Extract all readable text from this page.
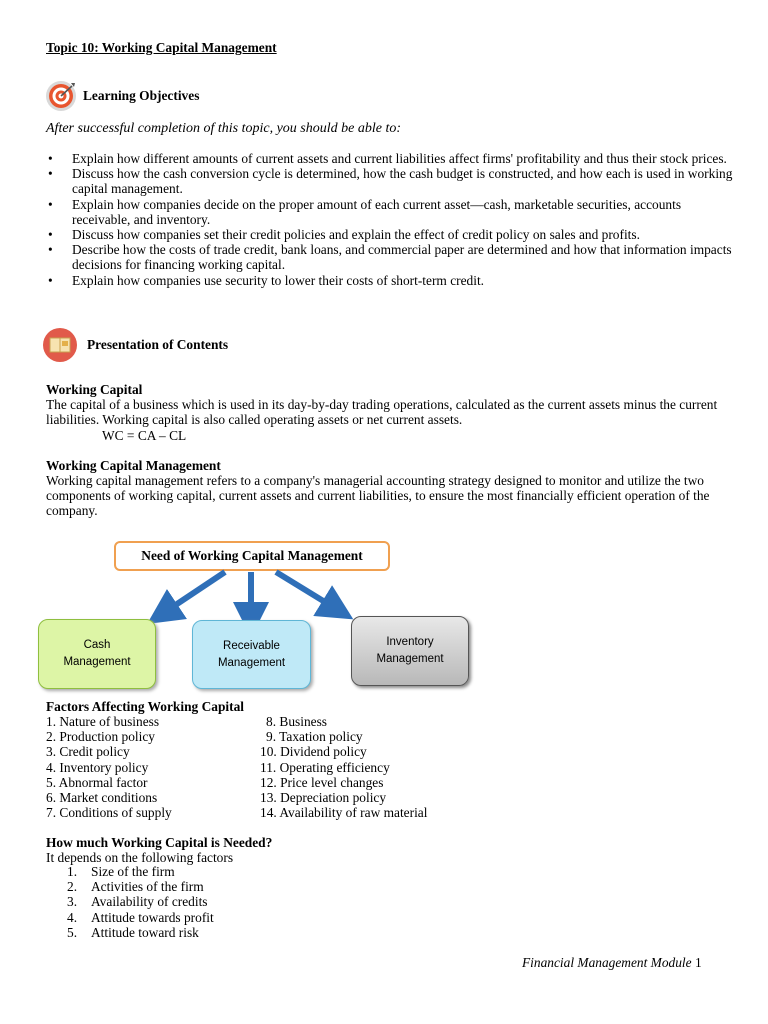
Topic 10: Working Capital Management
Learning Objectives
After successful completion of this topic, you should be able to:
• Explain how different amounts of current assets and current liabilities affect firms' profitability and thus their stock prices.
• Discuss how the cash conversion cycle is determined, how the cash budget is constructed, and how each is used in working capital management.
• Explain how companies decide on the proper amount of each current asset—cash, marketable securities, accounts receivable, and inventory.
• Discuss how companies set their credit policies and explain the effect of credit policy on sales and profits.
• Describe how the costs of trade credit, bank loans, and commercial paper are determined and how that information impacts decisions for financing working capital.
• Explain how companies use security to lower their costs of short-term credit.
Presentation of Contents
Working Capital
The capital of a business which is used in its day-by-day trading operations, calculated as the current assets minus the current liabilities. Working capital is also called operating assets or net current assets.
WC = CA – CL
Working Capital Management
Working capital management refers to a company's managerial accounting strategy designed to monitor and utilize the two components of working capital, current assets and current liabilities, to ensure the most financially efficient operation of the company.
Need of Working Capital Management
Cash Management
Receivable Management
Inventory Management
Factors Affecting Working Capital
1. Nature of business
2. Production policy
3. Credit policy
4. Inventory policy
5. Abnormal factor
6. Market conditions
7. Conditions of supply
8. Business
9. Taxation policy
10. Dividend policy
11. Operating efficiency
12. Price level changes
13. Depreciation policy
14. Availability of raw material
How much Working Capital is Needed?
It depends on the following factors
1. Size of the firm
2. Activities of the firm
3. Availability of credits
4. Attitude towards profit
5. Attitude toward risk
Financial Management Module 1
